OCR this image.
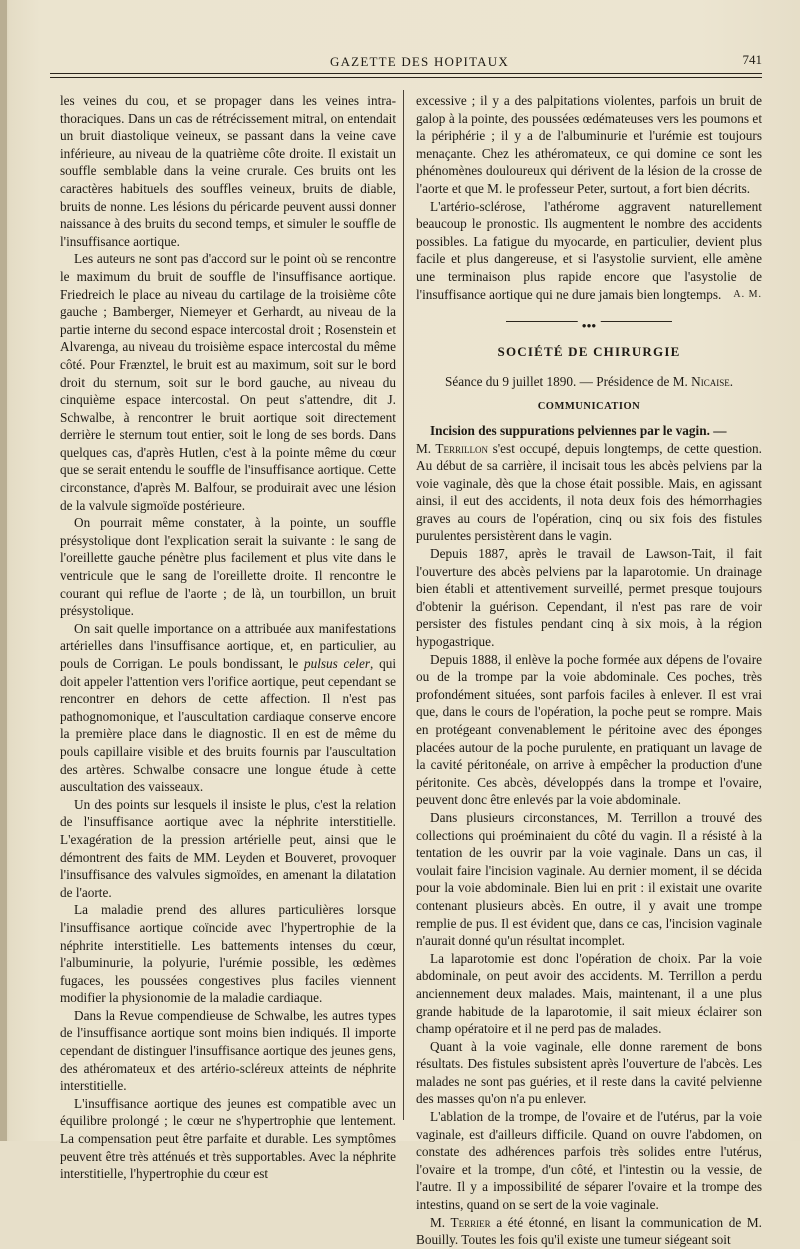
GAZETTE DES HOPITAUX	741

les veines du cou, et se propager dans les veines intra-thoraciques. Dans un cas de rétrécissement mitral, on entendait un bruit diastolique veineux, se passant dans la veine cave inférieure, au niveau de la quatrième côte droite. Il existait un souffle semblable dans la veine crurale. Ces bruits ont les caractères habituels des souffles veineux, bruits de diable, bruits de nonne. Les lésions du péricarde peuvent aussi donner naissance à des bruits du second temps, et simuler le souffle de l'insuffisance aortique.

Les auteurs ne sont pas d'accord sur le point où se rencontre le maximum du bruit de souffle de l'insuffisance aortique. Friedreich le place au niveau du cartilage de la troisième côte gauche ; Bamberger, Niemeyer et Gerhardt, au niveau de la partie interne du second espace intercostal droit ; Rosenstein et Alvarenga, au niveau du troisième espace intercostal du même côté. Pour Frænztel, le bruit est au maximum, soit sur le bord droit du sternum, soit sur le bord gauche, au niveau du cinquième espace intercostal. On peut s'attendre, dit J. Schwalbe, à rencontrer le bruit aortique soit directement derrière le sternum tout entier, soit le long de ses bords. Dans quelques cas, d'après Hutlen, c'est à la pointe même du cœur que se serait entendu le souffle de l'insuffisance aortique. Cette circonstance, d'après M. Balfour, se produirait avec une lésion de la valvule sigmoïde postérieure.

On pourrait même constater, à la pointe, un souffle présystolique dont l'explication serait la suivante : le sang de l'oreillette gauche pénètre plus facilement et plus vite dans le ventricule que le sang de l'oreillette droite. Il rencontre le courant qui reflue de l'aorte ; de là, un tourbillon, un bruit présystolique.

On sait quelle importance on a attribuée aux manifestations artérielles dans l'insuffisance aortique, et, en particulier, au pouls de Corrigan. Le pouls bondissant, le pulsus celer, qui doit appeler l'attention vers l'orifice aortique, peut cependant se rencontrer en dehors de cette affection. Il n'est pas pathognomonique, et l'auscultation cardiaque conserve encore la première place dans le diagnostic. Il en est de même du pouls capillaire visible et des bruits fournis par l'auscultation des artères. Schwalbe consacre une longue étude à cette auscultation des vaisseaux.

Un des points sur lesquels il insiste le plus, c'est la relation de l'insuffisance aortique avec la néphrite interstitielle. L'exagération de la pression artérielle peut, ainsi que le démontrent des faits de MM. Leyden et Bouveret, provoquer l'insuffisance des valvules sigmoïdes, en amenant la dilatation de l'aorte.

La maladie prend des allures particulières lorsque l'insuffisance aortique coïncide avec l'hypertrophie de la néphrite interstitielle. Les battements intenses du cœur, l'albuminurie, la polyurie, l'urémie possible, les œdèmes fugaces, les poussées congestives plus faciles viennent modifier la physionomie de la maladie cardiaque.

Dans la Revue compendieuse de Schwalbe, les autres types de l'insuffisance aortique sont moins bien indiqués. Il importe cependant de distinguer l'insuffisance aortique des jeunes gens, des athéromateux et des artério-scléreux atteints de néphrite interstitielle.

L'insuffisance aortique des jeunes est compatible avec un équilibre prolongé ; le cœur ne s'hypertrophie que lentement. La compensation peut être parfaite et durable. Les symptômes peuvent être très atténués et très supportables. Avec la néphrite interstitielle, l'hypertrophie du cœur est

excessive ; il y a des palpitations violentes, parfois un bruit de galop à la pointe, des poussées œdémateuses vers les poumons et la périphérie ; il y a de l'albuminurie et l'urémie est toujours menaçante. Chez les athéromateux, ce qui domine ce sont les phénomènes douloureux qui dérivent de la lésion de la crosse de l'aorte et que M. le professeur Peter, surtout, a fort bien décrits.

L'artério-sclérose, l'athérome aggravent naturellement beaucoup le pronostic. Ils augmentent le nombre des accidents possibles. La fatigue du myocarde, en particulier, devient plus facile et plus dangereuse, et si l'asystolie survient, elle amène une terminaison plus rapide encore que l'asystolie de l'insuffisance aortique qui ne dure jamais bien longtemps.	A. M.
●●●
SOCIÉTÉ DE CHIRURGIE
Séance du 9 juillet 1890. — Présidence de M. Nicaise.
COMMUNICATION

Incision des suppurations pelviennes par le vagin. —
M. Terrillon s'est occupé, depuis longtemps, de cette question. Au début de sa carrière, il incisait tous les abcès pelviens par la voie vaginale, dès que la chose était possible. Mais, en agissant ainsi, il eut des accidents, il nota deux fois des hémorrhagies graves au cours de l'opération, cinq ou six fois des fistules purulentes persistèrent dans le vagin.

Depuis 1887, après le travail de Lawson-Tait, il fait l'ouverture des abcès pelviens par la laparotomie. Un drainage bien établi et attentivement surveillé, permet presque toujours d'obtenir la guérison. Cependant, il n'est pas rare de voir persister des fistules pendant cinq à six mois, à la région hypogastrique.

Depuis 1888, il enlève la poche formée aux dépens de l'ovaire ou de la trompe par la voie abdominale. Ces poches, très profondément situées, sont parfois faciles à enlever. Il est vrai que, dans le cours de l'opération, la poche peut se rompre. Mais en protégeant convenablement le péritoine avec des éponges placées autour de la poche purulente, en pratiquant un lavage de la cavité péritonéale, on arrive à empêcher la production d'une péritonite. Ces abcès, développés dans la trompe et l'ovaire, peuvent donc être enlevés par la voie abdominale.

Dans plusieurs circonstances, M. Terrillon a trouvé des collections qui proéminaient du côté du vagin. Il a résisté à la tentation de les ouvrir par la voie vaginale. Dans un cas, il voulait faire l'incision vaginale. Au dernier moment, il se décida pour la voie abdominale. Bien lui en prit : il existait une ovarite contenant plusieurs abcès. En outre, il y avait une trompe remplie de pus. Il est évident que, dans ce cas, l'incision vaginale n'aurait donné qu'un résultat incomplet.

La laparotomie est donc l'opération de choix. Par la voie abdominale, on peut avoir des accidents. M. Terrillon a perdu anciennement deux malades. Mais, maintenant, il a une plus grande habitude de la laparotomie, il sait mieux éclairer son champ opératoire et il ne perd pas de malades.

Quant à la voie vaginale, elle donne rarement de bons résultats. Des fistules subsistent après l'ouverture de l'abcès. Les malades ne sont pas guéries, et il reste dans la cavité pelvienne des masses qu'on n'a pu enlever.

L'ablation de la trompe, de l'ovaire et de l'utérus, par la voie vaginale, est d'ailleurs difficile. Quand on ouvre l'abdomen, on constate des adhérences parfois très solides entre l'utérus, l'ovaire et la trompe, d'un côté, et l'intestin ou la vessie, de l'autre. Il y a impossibilité de séparer l'ovaire et la trompe des intestins, quand on se sert de la voie vaginale.

M. Terrier a été étonné, en lisant la communication de M. Bouilly. Toutes les fois qu'il existe une tumeur siégeant soit
